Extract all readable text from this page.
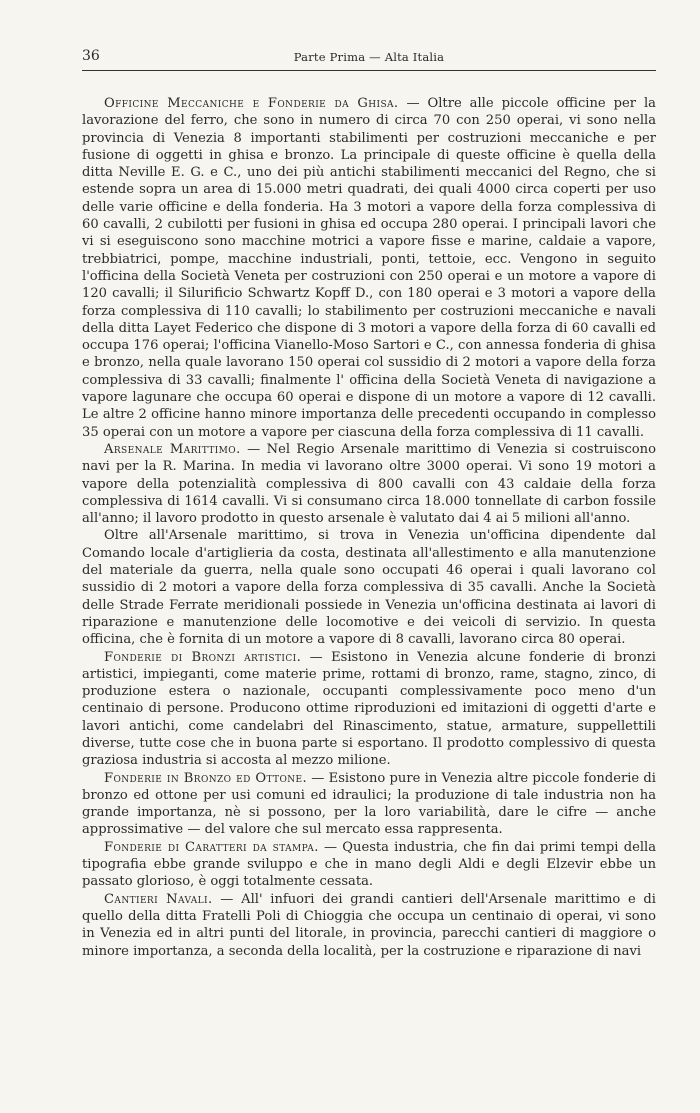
36	Parte Prima — Alta Italia

Officine Meccaniche e Fonderie da Ghisa. — Oltre alle piccole officine per la lavorazione del ferro, che sono in numero di circa 70 con 250 operai, vi sono nella provincia di Venezia 8 importanti stabilimenti per costruzioni meccaniche e per fusione di oggetti in ghisa e bronzo. La principale di queste officine è quella della ditta Neville E. G. e C., uno dei più antichi stabilimenti meccanici del Regno, che si estende sopra un area di 15.000 metri quadrati, dei quali 4000 circa coperti per uso delle varie officine e della fonderia. Ha 3 motori a vapore della forza complessiva di 60 cavalli, 2 cubilotti per fusioni in ghisa ed occupa 280 operai. I principali lavori che vi si eseguiscono sono macchine motrici a vapore fisse e marine, caldaie a vapore, trebbiatrici, pompe, macchine industriali, ponti, tettoie, ecc. Vengono in seguito l'officina della Società Veneta per costruzioni con 250 operai e un motore a vapore di 120 cavalli; il Silurificio Schwartz Kopff D., con 180 operai e 3 motori a vapore della forza complessiva di 110 cavalli; lo stabilimento per costruzioni meccaniche e navali della ditta Layet Federico che dispone di 3 motori a vapore della forza di 60 cavalli ed occupa 176 operai; l'officina Vianello-Moso Sartori e C., con annessa fonderia di ghisa e bronzo, nella quale lavorano 150 operai col sussidio di 2 motori a vapore della forza complessiva di 33 cavalli; finalmente l' officina della Società Veneta di navigazione a vapore lagunare che occupa 60 operai e dispone di un motore a vapore di 12 cavalli. Le altre 2 officine hanno minore importanza delle precedenti occupando in complesso 35 operai con un motore a vapore per ciascuna della forza complessiva di 11 cavalli.

Arsenale Marittimo. — Nel Regio Arsenale marittimo di Venezia si costruiscono navi per la R. Marina. In media vi lavorano oltre 3000 operai. Vi sono 19 motori a vapore della potenzialità complessiva di 800 cavalli con 43 caldaie della forza complessiva di 1614 cavalli. Vi si consumano circa 18.000 tonnellate di carbon fossile all'anno; il lavoro prodotto in questo arsenale è valutato dai 4 ai 5 milioni all'anno.

Oltre all'Arsenale marittimo, si trova in Venezia un'officina dipendente dal Comando locale d'artiglieria da costa, destinata all'allestimento e alla manutenzione del materiale da guerra, nella quale sono occupati 46 operai i quali lavorano col sussidio di 2 motori a vapore della forza complessiva di 35 cavalli. Anche la Società delle Strade Ferrate meridionali possiede in Venezia un'officina destinata ai lavori di riparazione e manutenzione delle locomotive e dei veicoli di servizio. In questa officina, che è fornita di un motore a vapore di 8 cavalli, lavorano circa 80 operai.

Fonderie di Bronzi artistici. — Esistono in Venezia alcune fonderie di bronzi artistici, impieganti, come materie prime, rottami di bronzo, rame, stagno, zinco, di produzione estera o nazionale, occupanti complessivamente poco meno d'un centinaio di persone. Producono ottime riproduzioni ed imitazioni di oggetti d'arte e lavori antichi, come candelabri del Rinascimento, statue, armature, suppellettili diverse, tutte cose che in buona parte si esportano. Il prodotto complessivo di questa graziosa industria si accosta al mezzo milione.

Fonderie in Bronzo ed Ottone. — Esistono pure in Venezia altre piccole fonderie di bronzo ed ottone per usi comuni ed idraulici; la produzione di tale industria non ha grande importanza, nè si possono, per la loro variabilità, dare le cifre — anche approssimative — del valore che sul mercato essa rappresenta.

Fonderie di Caratteri da stampa. — Questa industria, che fin dai primi tempi della tipografia ebbe grande sviluppo e che in mano degli Aldi e degli Elzevir ebbe un passato glorioso, è oggi totalmente cessata.

Cantieri Navali. — All' infuori dei grandi cantieri dell'Arsenale marittimo e di quello della ditta Fratelli Poli di Chioggia che occupa un centinaio di operai, vi sono in Venezia ed in altri punti del litorale, in provincia, parecchi cantieri di maggiore o minore importanza, a seconda della località, per la costruzione e riparazione di navi
